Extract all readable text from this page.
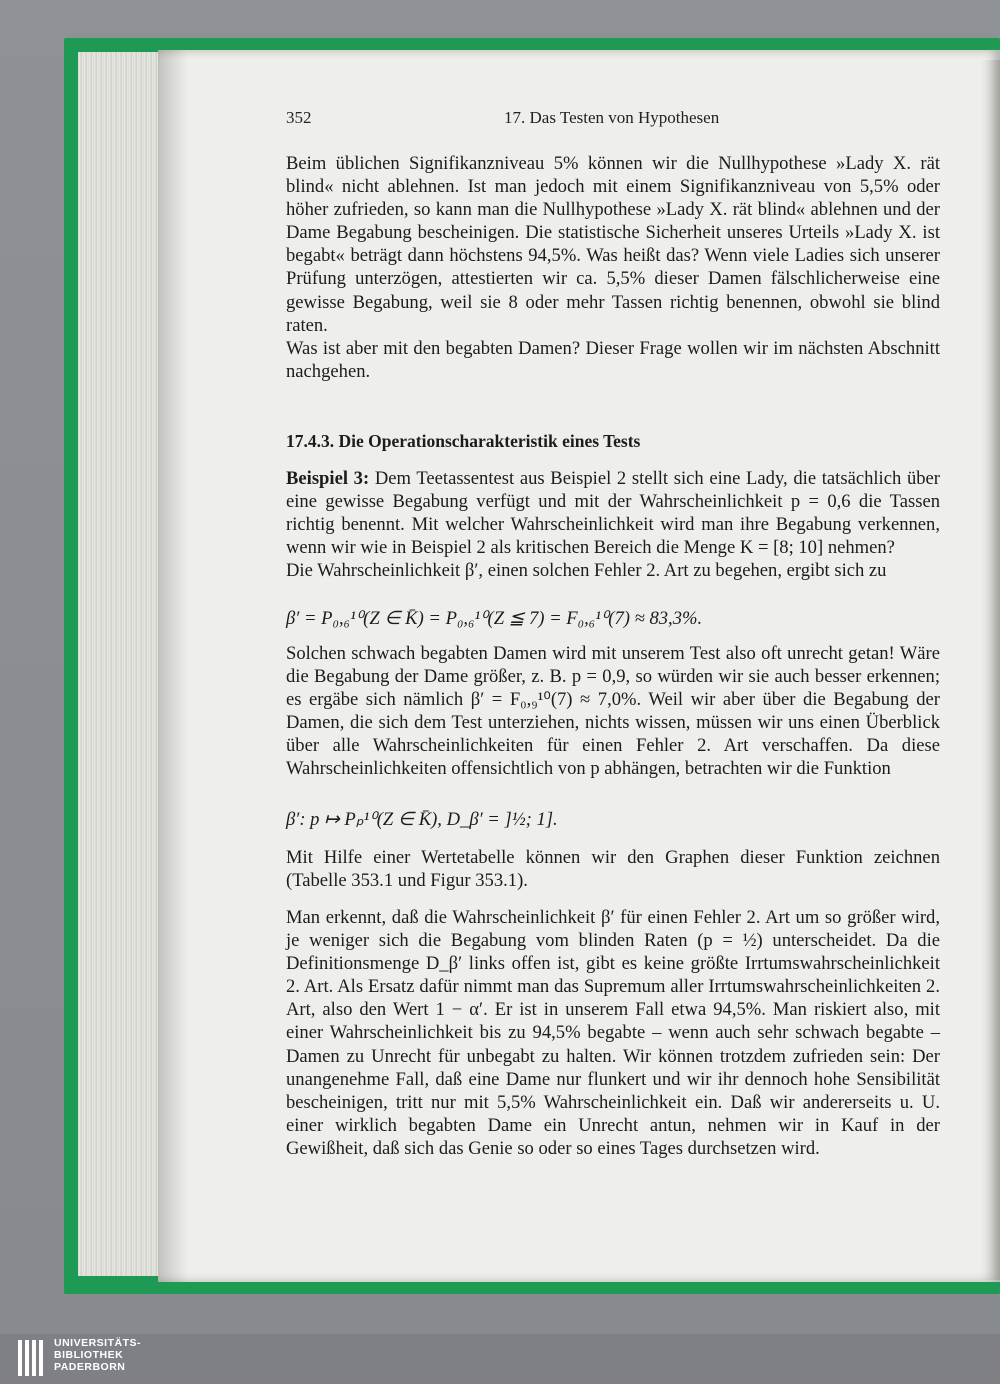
352	17. Das Testen von Hypothesen

Beim üblichen Signifikanzniveau 5% können wir die Nullhypothese »Lady X. rät blind« nicht ablehnen. Ist man jedoch mit einem Signifikanzniveau von 5,5% oder höher zufrieden, so kann man die Nullhypothese »Lady X. rät blind« ablehnen und der Dame Begabung bescheinigen. Die statistische Sicherheit unseres Urteils »Lady X. ist begabt« beträgt dann höchstens 94,5%. Was heißt das? Wenn viele Ladies sich unserer Prüfung unterzögen, attestierten wir ca. 5,5% dieser Damen fälschlicherweise eine gewisse Begabung, weil sie 8 oder mehr Tassen richtig benennen, obwohl sie blind raten.

Was ist aber mit den begabten Damen? Dieser Frage wollen wir im nächsten Abschnitt nachgehen.

17.4.3. Die Operationscharakteristik eines Tests

Beispiel 3: Dem Teetassentest aus Beispiel 2 stellt sich eine Lady, die tatsächlich über eine gewisse Begabung verfügt und mit der Wahrscheinlichkeit p = 0,6 die Tassen richtig benennt. Mit welcher Wahrscheinlichkeit wird man ihre Begabung verkennen, wenn wir wie in Beispiel 2 als kritischen Bereich die Menge K = [8; 10] nehmen?

Die Wahrscheinlichkeit β′, einen solchen Fehler 2. Art zu begehen, ergibt sich zu

β′ = P₀,₆¹⁰(Z ∈ K̄) = P₀,₆¹⁰(Z ≦ 7) = F₀,₆¹⁰(7) ≈ 83,3%.
Solchen schwach begabten Damen wird mit unserem Test also oft unrecht getan! Wäre die Begabung der Dame größer, z. B. p = 0,9, so würden wir sie auch besser erkennen; es ergäbe sich nämlich β′ = F₀,₉¹⁰(7) ≈ 7,0%. Weil wir aber über die Begabung der Damen, die sich dem Test unterziehen, nichts wissen, müssen wir uns einen Überblick über alle Wahrscheinlichkeiten für einen Fehler 2. Art verschaffen. Da diese Wahrscheinlichkeiten offensichtlich von p abhängen, betrachten wir die Funktion
β′: p ↦ Pₚ¹⁰(Z ∈ K̄), D_β′ = ]½; 1].
Mit Hilfe einer Wertetabelle können wir den Graphen dieser Funktion zeichnen (Tabelle 353.1 und Figur 353.1).
Man erkennt, daß die Wahrscheinlichkeit β′ für einen Fehler 2. Art um so größer wird, je weniger sich die Begabung vom blinden Raten (p = ½) unterscheidet. Da die Definitionsmenge D_β′ links offen ist, gibt es keine größte Irrtumswahrscheinlichkeit 2. Art. Als Ersatz dafür nimmt man das Supremum aller Irrtumswahrscheinlichkeiten 2. Art, also den Wert 1 − α′. Er ist in unserem Fall etwa 94,5%. Man riskiert also, mit einer Wahrscheinlichkeit bis zu 94,5% begabte – wenn auch sehr schwach begabte – Damen zu Unrecht für unbegabt zu halten. Wir können trotzdem zufrieden sein: Der unangenehme Fall, daß eine Dame nur flunkert und wir ihr dennoch hohe Sensibilität bescheinigen, tritt nur mit 5,5% Wahrscheinlichkeit ein. Daß wir andererseits u. U. einer wirklich begabten Dame ein Unrecht antun, nehmen wir in Kauf in der Gewißheit, daß sich das Genie so oder so eines Tages durchsetzen wird.
UNIVERSITÄTS-
BIBLIOTHEK
PADERBORN
